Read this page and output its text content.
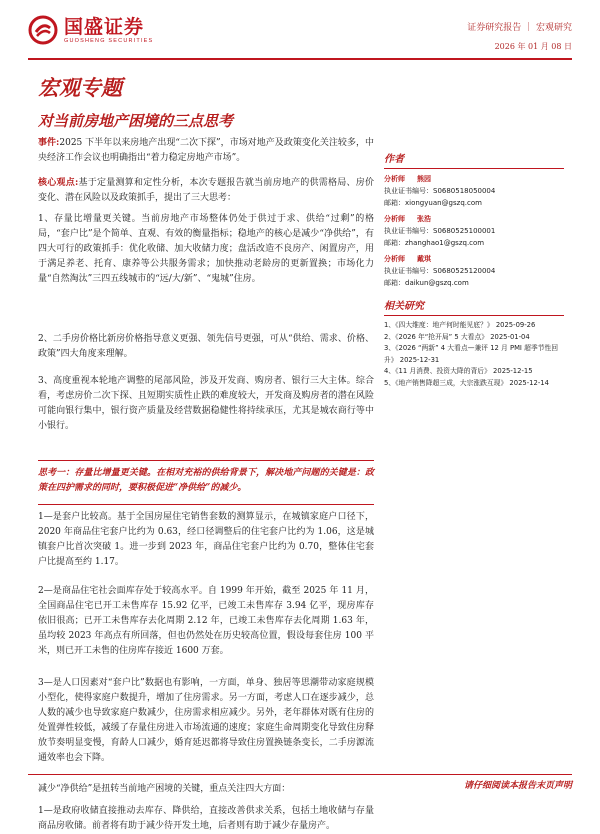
国盛证券
GUOSHENG SECURITIES
证券研究报告 ｜ 宏观研究
2026 年 01 月 08 日
宏观专题
对当前房地产困境的三点思考

事件:2025 下半年以来房地产出现“二次下探”，市场对地产及政策变化关注较多，中央经济工作会议也明确指出“着力稳定房地产市场”。

核心观点:基于定量测算和定性分析，本次专题报告就当前房地产的供需格局、房价变化、潜在风险以及政策抓手，提出了三大思考：

1、存量比增量更关键。当前房地产市场整体仍处于供过于求、供给“过剩”的格局，“套户比”是个简单、直观、有效的衡量指标；稳地产的核心是减少“净供给”，有四大可行的政策抓手：优化收储、加大收储力度；盘活改造不良房产、闲置房产，用于满足养老、托育、康养等公共服务需求；加快推动老龄房的更新置换；市场化力量“自然淘汰”三四五线城市的“远/大/新”、“鬼城”住房。

2、二手房价格比新房价格指导意义更强、领先信号更强，可从“供给、需求、价格、政策”四大角度来理解。

3、高度重视本轮地产调整的尾部风险，涉及开发商、购房者、银行三大主体。综合看，考虑房价二次下探、且短期实质性止跌的难度较大，开发商及购房者的潜在风险可能向银行集中，银行资产质量及经营数据稳健性将持续承压，尤其是城农商行等中小银行。

思考一：存量比增量更关键。在相对充裕的供给背景下，解决地产问题的关键是：政策在四护需求的同时，要积极促进“净供给”的减少。

1—是套户比较高。基于全国房屋住宅销售套数的测算显示，在城镇家庭户口径下，2020 年商品住宅套户比约为 0.63，经口径调整后的住宅套户比约为 1.06，这是城镇套户比首次突破 1。进一步到 2023 年，商品住宅套户比约为 0.70，整体住宅套户比提高至约 1.17。

2—是商品住宅社会面库存处于较高水平。自 1999 年开始，截至 2025 年 11 月，全国商品住宅已开工未售库存 15.92 亿平，已竣工未售库存 3.94 亿平，现房库存依旧很高；已开工未售库存去化周期 2.12 年，已竣工未售库存去化周期 1.63 年，虽均较 2023 年高点有所回落，但也仍然处在历史较高位置，假设每套住房 100 平米，则已开工未售的住房库存接近 1600 万套。

3—是人口因素对“套户比”数据也有影响，一方面，单身、独居等思潮带动家庭规模小型化，使得家庭户数提升，增加了住房需求。另一方面，考虑人口在逐步减少，总人数的减少也导致家庭户数减少，住房需求相应减少。另外，老年群体对既有住房的处置弹性较低，减缓了存量住房进入市场流通的速度；家庭生命周期变化导致住房释放节奏明显变慢，育龄人口减少，婚育延迟都将导致住房置换链条变长，二手房源流通效率也会下降。

减少“净供给”是扭转当前地产困境的关键，重点关注四大方面：

1—是政府收储直接推动去库存、降供给，直接改善供求关系，包括土地收储与存量商品房收储。前者将有助于减少待开发土地，后者则有助于减少存量房产。

作者
分析师 熊园
执业证书编号：S0680518050004
邮箱：xiongyuan@gszq.com
分析师 张浩
执业证书编号：S0680525100001
邮箱：zhanghao1@gszq.com
分析师 戴琪
执业证书编号：S0680525120004
邮箱：daikun@gszq.com
相关研究
1、《四大维度：地产何时能见底？》 2025-09-26
2、《2026 年“抢开局” 5 大看点》 2025-01-04
3、《2026 “两新” 4 大看点—兼评 12 月 PMI 超季节性回升》 2025-12-31
4、《11 月消费、投资大降的背后》 2025-12-15
5、《地产销售降超三成，大宗涨跌互现》 2025-12-14
请仔细阅读本报告末页声明
